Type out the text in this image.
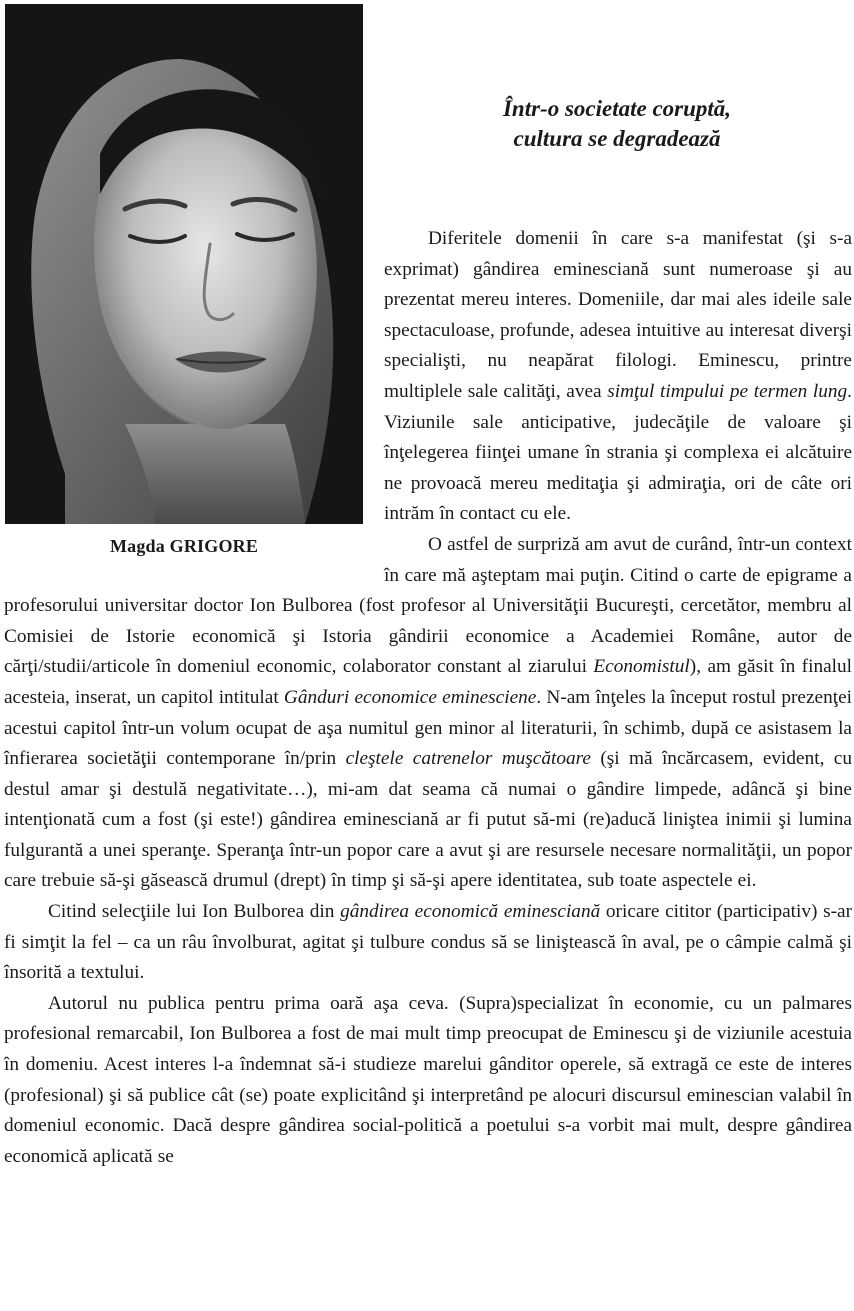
Magda GRIGORE
Într-o societate coruptă,
cultura se degradează

Diferitele domenii în care s-a manifestat (şi s-a exprimat) gândirea eminesciană sunt numeroase şi au prezentat mereu interes. Domeniile, dar mai ales ideile sale spectaculoase, profunde, adesea intuitive au interesat diverşi specialişti, nu neapărat filologi. Eminescu, printre multiplele sale calităţi, avea simţul timpului pe termen lung. Viziunile sale anticipative, judecăţile de valoare şi înţelegerea fiinţei umane în strania şi complexa ei alcătuire ne provoacă mereu meditaţia şi admiraţia, ori de câte ori intrăm în contact cu ele.

O astfel de surpriză am avut de curând, într-un context în care mă aşteptam mai puţin. Citind o carte de epigrame a profesorului universitar doctor Ion Bulborea (fost profesor al Universităţii Bucureşti, cercetător, membru al Comisiei de Istorie economică şi Istoria gândirii economice a Academiei Române, autor de cărţi/studii/articole în domeniul economic, colaborator constant al ziarului Economistul), am găsit în finalul acesteia, inserat, un capitol intitulat Gânduri economice eminesciene. N-am înţeles la început rostul prezenţei acestui capitol într-un volum ocupat de aşa numitul gen minor al literaturii, în schimb, după ce asistasem la înfierarea societăţii contemporane în/prin cleştele catrenelor muşcătoare (şi mă încărcasem, evident, cu destul amar şi destulă negativitate…), mi-am dat seama că numai o gândire limpede, adâncă şi bine intenţionată cum a fost (şi este!) gândirea eminesciană ar fi putut să-mi (re)aducă liniştea inimii şi lumina fulgurantă a unei speranţe. Speranţa într-un popor care a avut şi are resursele necesare normalităţii, un popor care trebuie să-şi găsească drumul (drept) în timp şi să-şi apere identitatea, sub toate aspectele ei.

Citind selecţiile lui Ion Bulborea din gândirea economică eminesciană oricare cititor (participativ) s-ar fi simţit la fel – ca un râu învolburat, agitat şi tulbure condus să se liniştească în aval, pe o câmpie calmă şi însorită a textului.

Autorul nu publica pentru prima oară aşa ceva. (Supra)specializat în economie, cu un palmares profesional remarcabil, Ion Bulborea a fost de mai mult timp preocupat de Eminescu şi de viziunile acestuia în domeniu. Acest interes l-a îndemnat să-i studieze marelui gânditor operele, să extragă ce este de interes (profesional) şi să publice cât (se) poate explicitând şi interpretând pe alocuri discursul eminescian valabil în domeniul economic. Dacă despre gândirea social-politică a poetului s-a vorbit mai mult, despre gândirea economică aplicată se
